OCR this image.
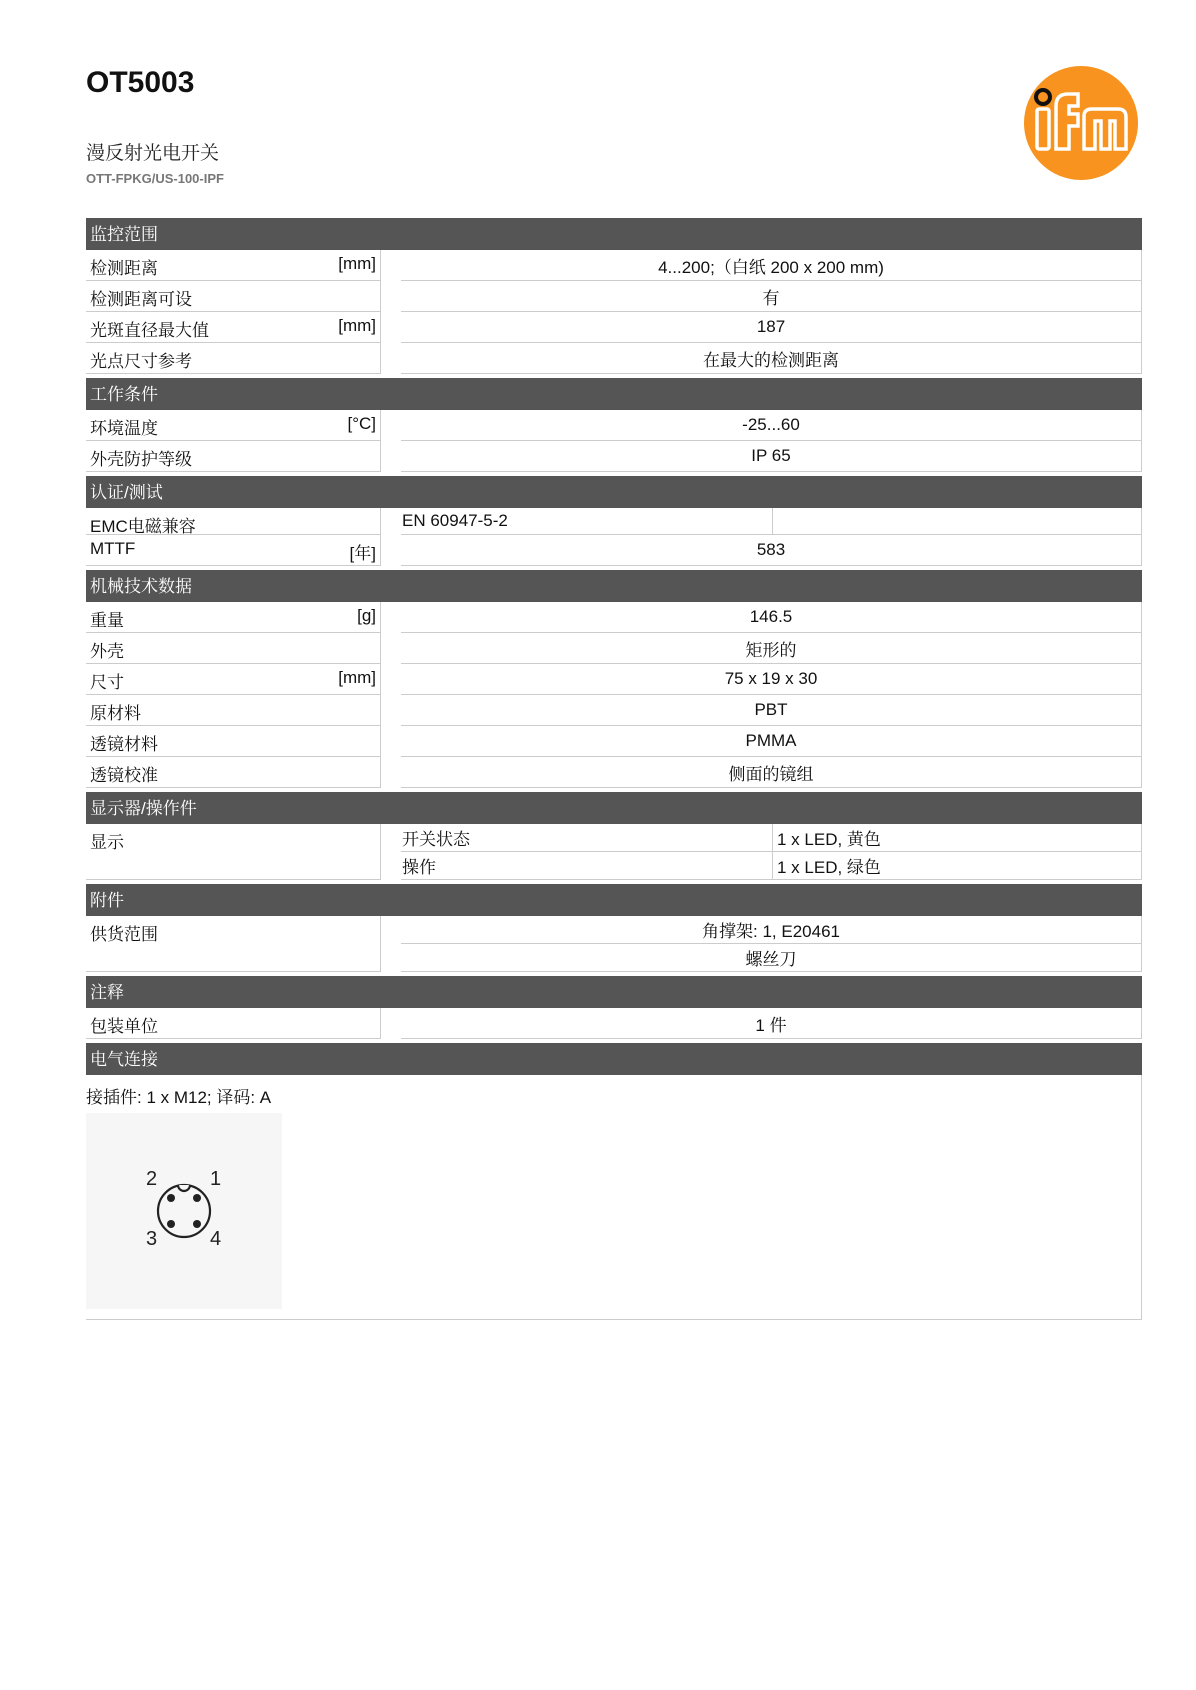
OT5003
漫反射光电开关
OTT-FPKG/US-100-IPF
监控范围
检测距离	[mm]	4...200;（白纸 200 x 200 mm)
检测距离可设	有
光斑直径最大值	[mm]	187
光点尺寸参考	在最大的检测距离
工作条件
环境温度	[°C]	-25...60
外壳防护等级	IP 65
认证/测试
EMC电磁兼容	EN 60947-5-2
MTTF	[年]	583
机械技术数据
重量	[g]	146.5
外壳	矩形的
尺寸	[mm]	75 x 19 x 30
原材料	PBT
透镜材料	PMMA
透镜校准	侧面的镜组
显示器/操作件
显示	开关状态	1 x LED, 黄色
操作	1 x LED, 绿色
附件
供货范围	角撑架: 1, E20461
螺丝刀
注释
包装单位	1 件
电气连接
接插件: 1 x M12; 译码: A
2	1
3	4
